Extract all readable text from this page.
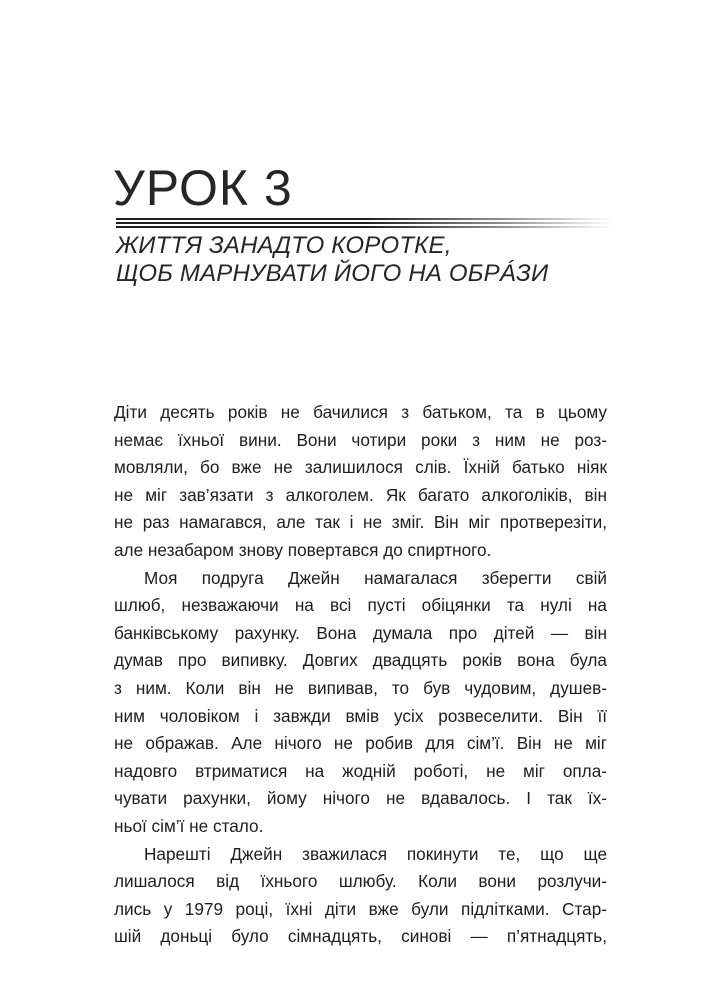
УРОК 3
ЖИТТЯ ЗАНАДТО КОРОТКЕ,
ЩОБ МАРНУВАТИ ЙОГО НА ОБРÁЗИ
Діти десять років не бачилися з батьком, та в цьому
немає їхньої вини. Вони чотири роки з ним не роз-
мовляли, бо вже не залишилося слів. Їхній батько ніяк
не міг зав’язати з алкоголем. Як багато алкоголіків, він
не раз намагався, але так і не зміг. Він міг протверезіти,
але незабаром знову повертався до спиртного.
Моя подруга Джейн намагалася зберегти свій
шлюб, незважаючи на всі пусті обіцянки та нулі на
банківському рахунку. Вона думала про дітей — він
думав про випивку. Довгих двадцять років вона була
з ним. Коли він не випивав, то був чудовим, душев-
ним чоловіком і завжди вмів усіх розвеселити. Він її
не ображав. Але нічого не робив для сім’ї. Він не міг
надовго втриматися на жодній роботі, не міг опла-
чувати рахунки, йому нічого не вдавалось. І так їх-
ньої сім’ї не стало.
Нарешті Джейн зважилася покинути те, що ще
лишалося від їхнього шлюбу. Коли вони розлучи-
лись у 1979 році, їхні діти вже були підлітками. Стар-
шій доньці було сімнадцять, синові — п’ятнадцять,
